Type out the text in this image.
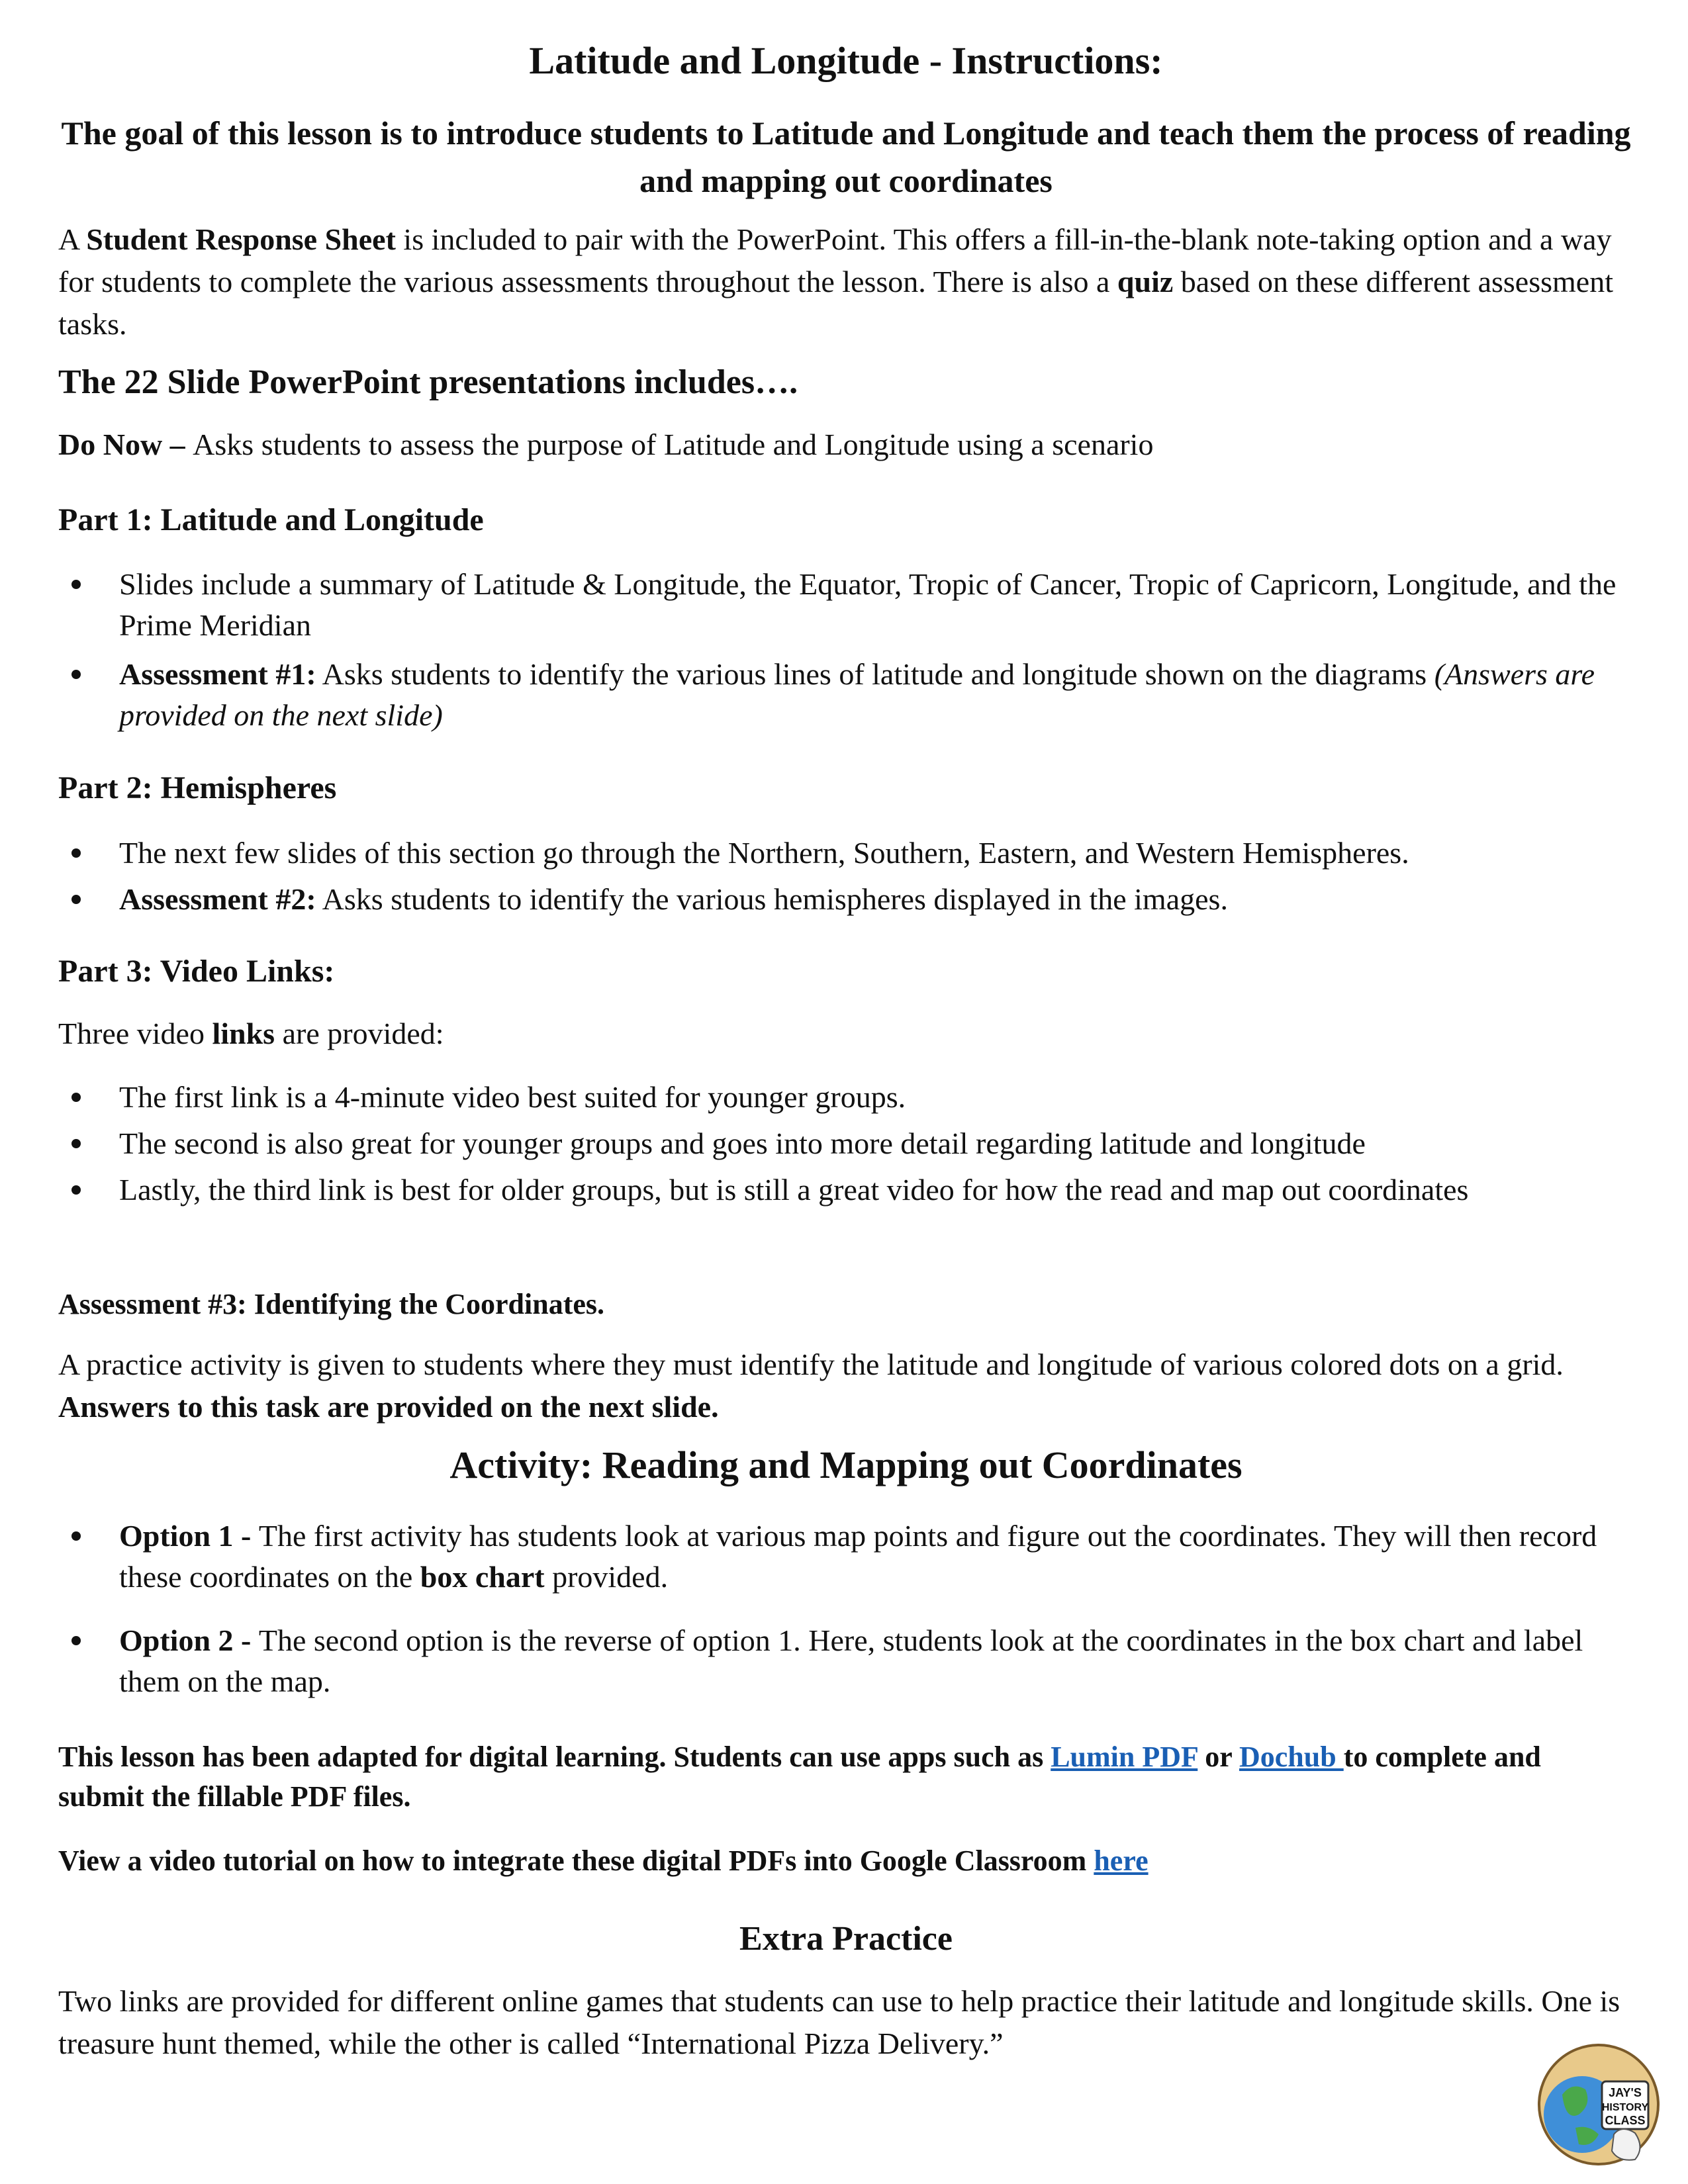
Latitude and Longitude - Instructions:
The goal of this lesson is to introduce students to Latitude and Longitude and teach them the process of reading and mapping out coordinates
A Student Response Sheet is included to pair with the PowerPoint. This offers a fill-in-the-blank note-taking option and a way for students to complete the various assessments throughout the lesson. There is also a quiz based on these different assessment tasks.
The 22 Slide PowerPoint presentations includes….
Do Now – Asks students to assess the purpose of Latitude and Longitude using a scenario
Part 1: Latitude and Longitude
Slides include a summary of Latitude & Longitude, the Equator, Tropic of Cancer, Tropic of Capricorn, Longitude, and the Prime Meridian
Assessment #1: Asks students to identify the various lines of latitude and longitude shown on the diagrams (Answers are provided on the next slide)
Part 2: Hemispheres
The next few slides of this section go through the Northern, Southern, Eastern, and Western Hemispheres.
Assessment #2: Asks students to identify the various hemispheres displayed in the images.
Part 3: Video Links:
Three video links are provided:
The first link is a 4-minute video best suited for younger groups.
The second is also great for younger groups and goes into more detail regarding latitude and longitude
Lastly, the third link is best for older groups, but is still a great video for how the read and map out coordinates
Assessment #3: Identifying the Coordinates.
A practice activity is given to students where they must identify the latitude and longitude of various colored dots on a grid. Answers to this task are provided on the next slide.
Activity: Reading and Mapping out Coordinates
Option 1 - The first activity has students look at various map points and figure out the coordinates. They will then record these coordinates on the box chart provided.
Option 2 - The second option is the reverse of option 1. Here, students look at the coordinates in the box chart and label them on the map.
This lesson has been adapted for digital learning. Students can use apps such as Lumin PDF or Dochub to complete and submit the fillable PDF files.
View a video tutorial on how to integrate these digital PDFs into Google Classroom here
Extra Practice
Two links are provided for different online games that students can use to help practice their latitude and longitude skills. One is treasure hunt themed, while the other is called “International Pizza Delivery.”
JAY'S
HISTORY
CLASS
